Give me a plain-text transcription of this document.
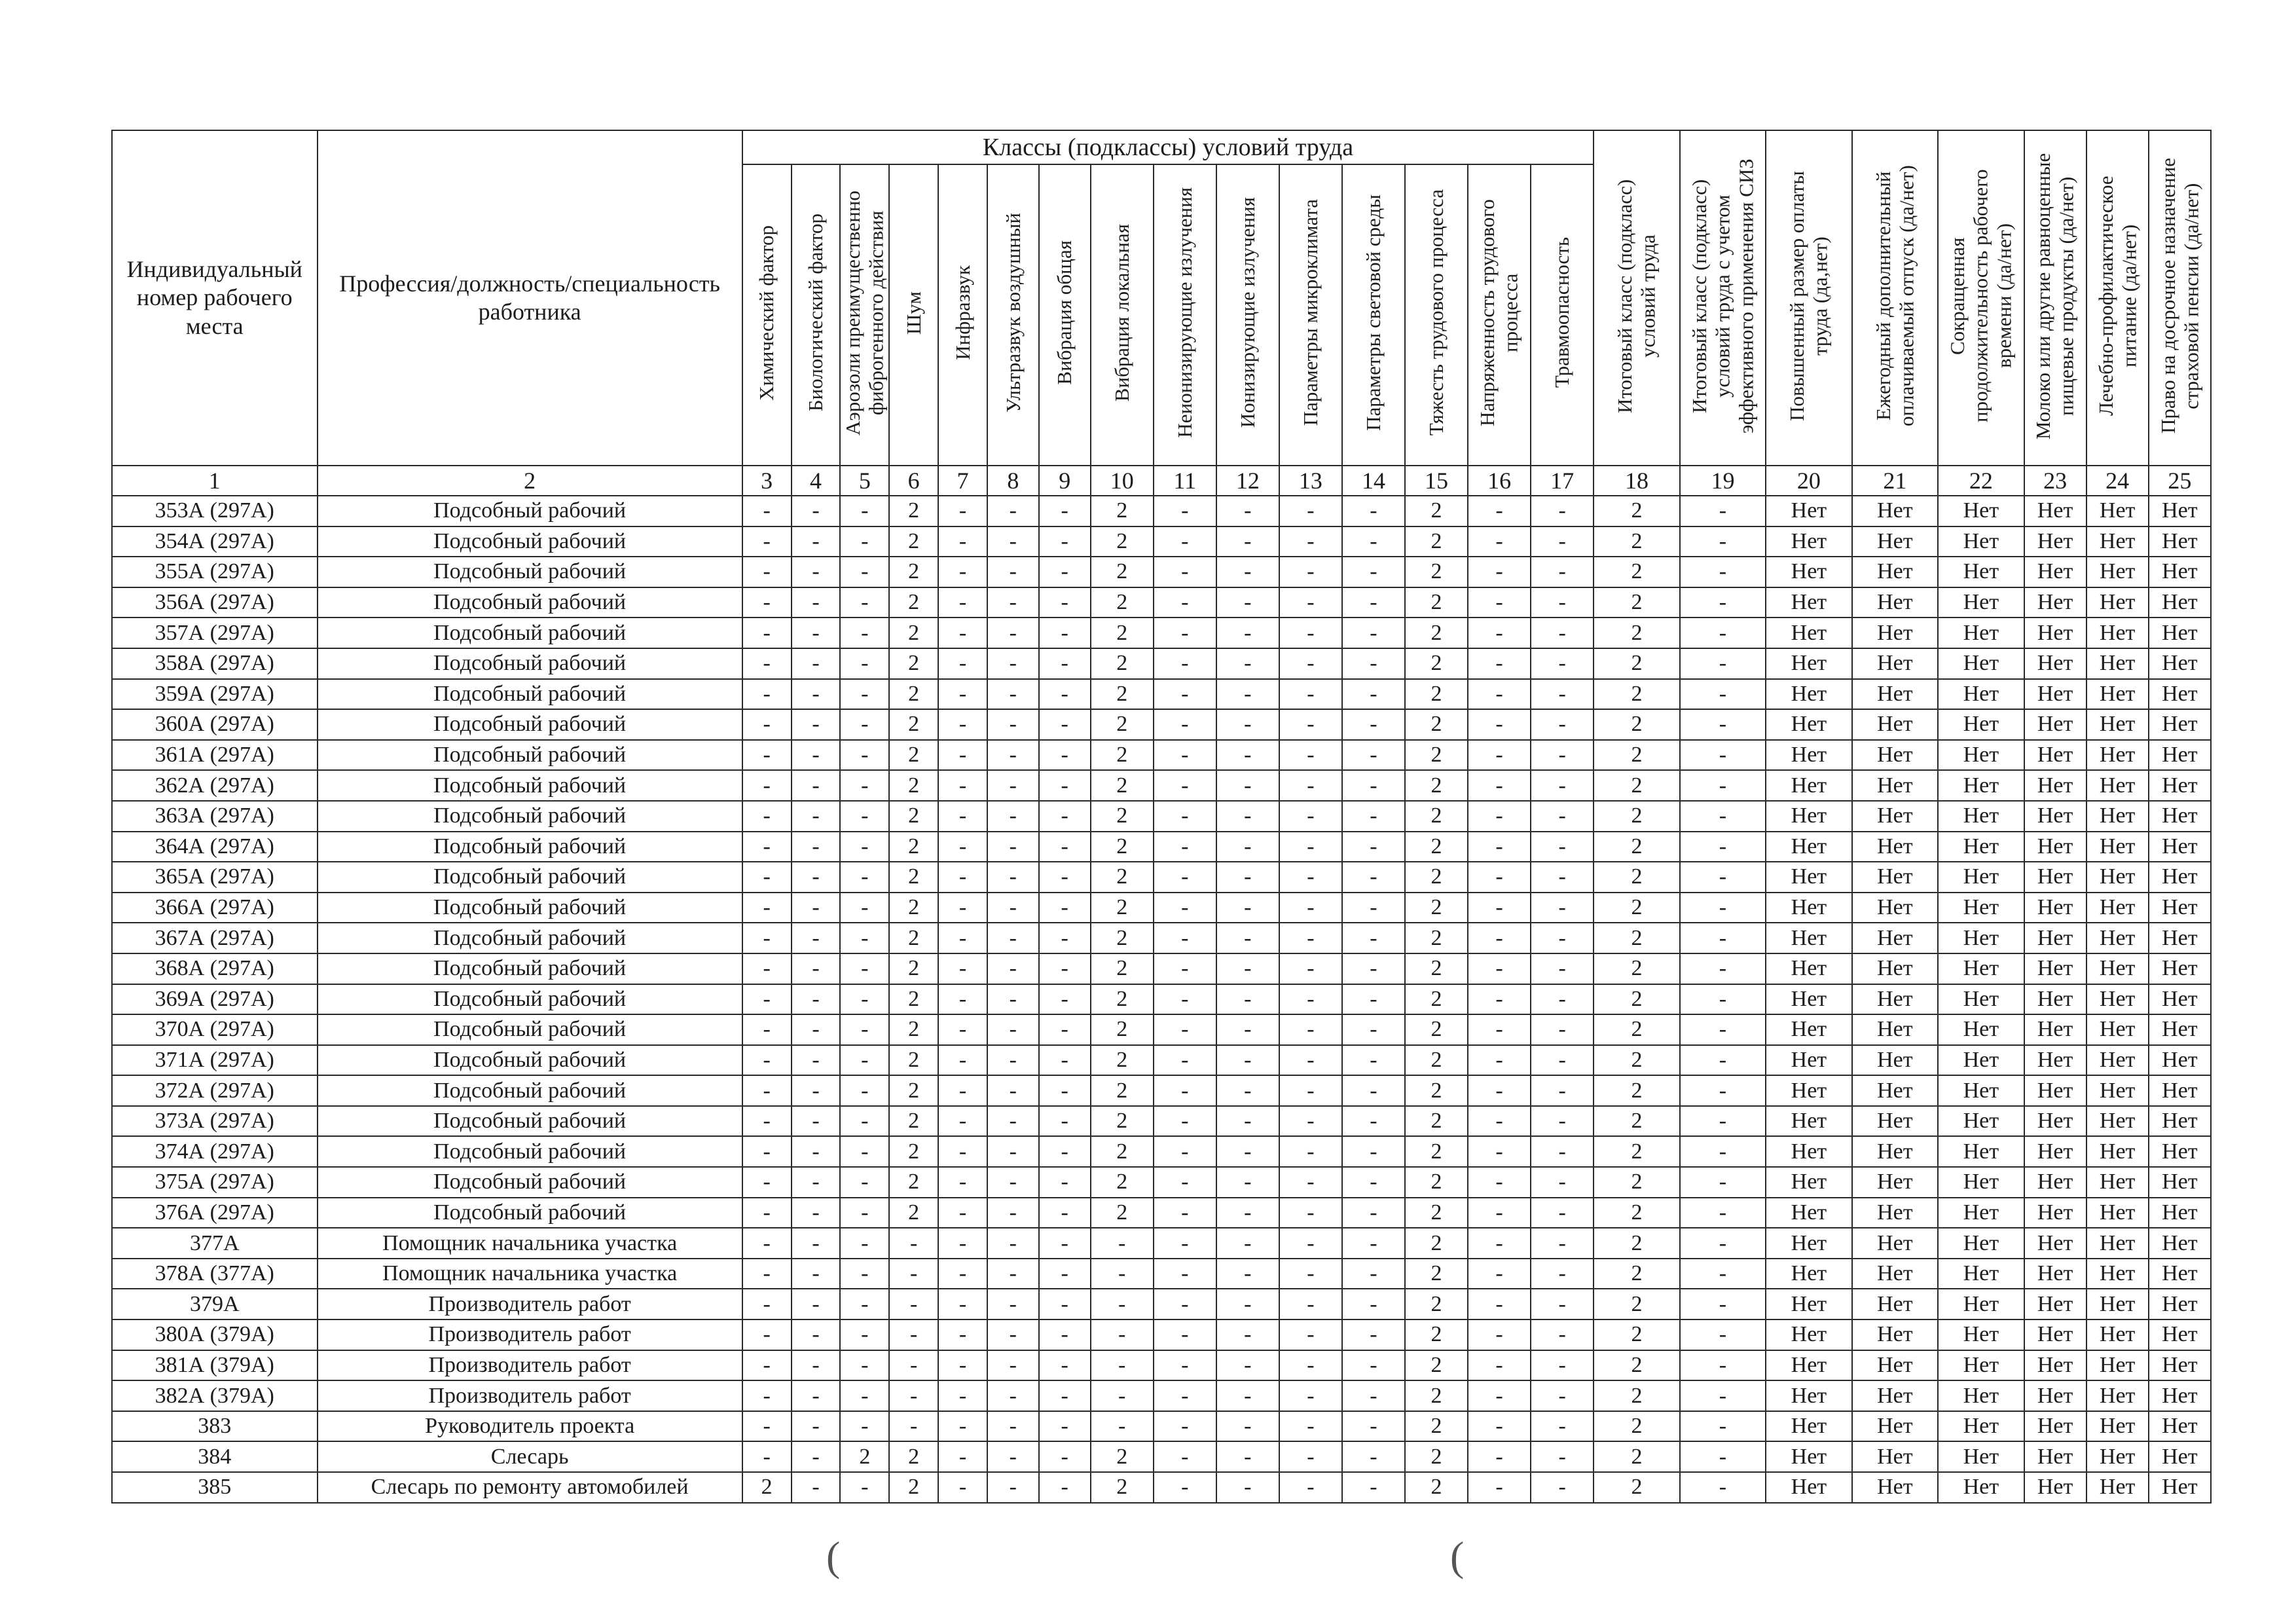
Индивидуальный номер рабочего места	Профессия/должность/специальность работника	Классы (подклассы) условий труда															Итоговый класс (подкласс) условий труда	Итоговый класс (подкласс) условий труда с учетом эффективного применения СИЗ	Повышенный размер оплаты труда (да,нет)	Ежегодный дополнительный оплачиваемый отпуск (да/нет)	Сокращенная продолжительность рабочего времени (да/нет)	Молоко или другие равноценные пищевые продукты (да/нет)	Лечебно-профилактическое питание (да/нет)	Право на досрочное назначение страховой пенсии (да/нет)
		Химический фактор	Биологический фактор	Аэрозоли преимущественно фиброгенного действия	Шум	Инфразвук	Ультразвук воздушный	Вибрация общая	Вибрация локальная	Неионизирующие излучения	Ионизирующие излучения	Параметры микроклимата	Параметры световой среды	Тяжесть трудового процесса	Напряженность трудового процесса	Травмоопасность								
1	2	3	4	5	6	7	8	9	10	11	12	13	14	15	16	17	18	19	20	21	22	23	24	25
353А (297А)	Подсобный рабочий	-	-	-	2	-	-	-	2	-	-	-	-	2	-	-	2	-	Нет	Нет	Нет	Нет	Нет	Нет
354А (297А)	Подсобный рабочий	-	-	-	2	-	-	-	2	-	-	-	-	2	-	-	2	-	Нет	Нет	Нет	Нет	Нет	Нет
355А (297А)	Подсобный рабочий	-	-	-	2	-	-	-	2	-	-	-	-	2	-	-	2	-	Нет	Нет	Нет	Нет	Нет	Нет
356А (297А)	Подсобный рабочий	-	-	-	2	-	-	-	2	-	-	-	-	2	-	-	2	-	Нет	Нет	Нет	Нет	Нет	Нет
357А (297А)	Подсобный рабочий	-	-	-	2	-	-	-	2	-	-	-	-	2	-	-	2	-	Нет	Нет	Нет	Нет	Нет	Нет
358А (297А)	Подсобный рабочий	-	-	-	2	-	-	-	2	-	-	-	-	2	-	-	2	-	Нет	Нет	Нет	Нет	Нет	Нет
359А (297А)	Подсобный рабочий	-	-	-	2	-	-	-	2	-	-	-	-	2	-	-	2	-	Нет	Нет	Нет	Нет	Нет	Нет
360А (297А)	Подсобный рабочий	-	-	-	2	-	-	-	2	-	-	-	-	2	-	-	2	-	Нет	Нет	Нет	Нет	Нет	Нет
361А (297А)	Подсобный рабочий	-	-	-	2	-	-	-	2	-	-	-	-	2	-	-	2	-	Нет	Нет	Нет	Нет	Нет	Нет
362А (297А)	Подсобный рабочий	-	-	-	2	-	-	-	2	-	-	-	-	2	-	-	2	-	Нет	Нет	Нет	Нет	Нет	Нет
363А (297А)	Подсобный рабочий	-	-	-	2	-	-	-	2	-	-	-	-	2	-	-	2	-	Нет	Нет	Нет	Нет	Нет	Нет
364А (297А)	Подсобный рабочий	-	-	-	2	-	-	-	2	-	-	-	-	2	-	-	2	-	Нет	Нет	Нет	Нет	Нет	Нет
365А (297А)	Подсобный рабочий	-	-	-	2	-	-	-	2	-	-	-	-	2	-	-	2	-	Нет	Нет	Нет	Нет	Нет	Нет
366А (297А)	Подсобный рабочий	-	-	-	2	-	-	-	2	-	-	-	-	2	-	-	2	-	Нет	Нет	Нет	Нет	Нет	Нет
367А (297А)	Подсобный рабочий	-	-	-	2	-	-	-	2	-	-	-	-	2	-	-	2	-	Нет	Нет	Нет	Нет	Нет	Нет
368А (297А)	Подсобный рабочий	-	-	-	2	-	-	-	2	-	-	-	-	2	-	-	2	-	Нет	Нет	Нет	Нет	Нет	Нет
369А (297А)	Подсобный рабочий	-	-	-	2	-	-	-	2	-	-	-	-	2	-	-	2	-	Нет	Нет	Нет	Нет	Нет	Нет
370А (297А)	Подсобный рабочий	-	-	-	2	-	-	-	2	-	-	-	-	2	-	-	2	-	Нет	Нет	Нет	Нет	Нет	Нет
371А (297А)	Подсобный рабочий	-	-	-	2	-	-	-	2	-	-	-	-	2	-	-	2	-	Нет	Нет	Нет	Нет	Нет	Нет
372А (297А)	Подсобный рабочий	-	-	-	2	-	-	-	2	-	-	-	-	2	-	-	2	-	Нет	Нет	Нет	Нет	Нет	Нет
373А (297А)	Подсобный рабочий	-	-	-	2	-	-	-	2	-	-	-	-	2	-	-	2	-	Нет	Нет	Нет	Нет	Нет	Нет
374А (297А)	Подсобный рабочий	-	-	-	2	-	-	-	2	-	-	-	-	2	-	-	2	-	Нет	Нет	Нет	Нет	Нет	Нет
375А (297А)	Подсобный рабочий	-	-	-	2	-	-	-	2	-	-	-	-	2	-	-	2	-	Нет	Нет	Нет	Нет	Нет	Нет
376А (297А)	Подсобный рабочий	-	-	-	2	-	-	-	2	-	-	-	-	2	-	-	2	-	Нет	Нет	Нет	Нет	Нет	Нет
377А	Помощник начальника участка	-	-	-	-	-	-	-	-	-	-	-	-	2	-	-	2	-	Нет	Нет	Нет	Нет	Нет	Нет
378А (377А)	Помощник начальника участка	-	-	-	-	-	-	-	-	-	-	-	-	2	-	-	2	-	Нет	Нет	Нет	Нет	Нет	Нет
379А	Производитель работ	-	-	-	-	-	-	-	-	-	-	-	-	2	-	-	2	-	Нет	Нет	Нет	Нет	Нет	Нет
380А (379А)	Производитель работ	-	-	-	-	-	-	-	-	-	-	-	-	2	-	-	2	-	Нет	Нет	Нет	Нет	Нет	Нет
381А (379А)	Производитель работ	-	-	-	-	-	-	-	-	-	-	-	-	2	-	-	2	-	Нет	Нет	Нет	Нет	Нет	Нет
382А (379А)	Производитель работ	-	-	-	-	-	-	-	-	-	-	-	-	2	-	-	2	-	Нет	Нет	Нет	Нет	Нет	Нет
383	Руководитель проекта	-	-	-	-	-	-	-	-	-	-	-	-	2	-	-	2	-	Нет	Нет	Нет	Нет	Нет	Нет
384	Слесарь	-	-	2	2	-	-	-	2	-	-	-	-	2	-	-	2	-	Нет	Нет	Нет	Нет	Нет	Нет
385	Слесарь по ремонту автомобилей	2	-	-	2	-	-	-	2	-	-	-	-	2	-	-	2	-	Нет	Нет	Нет	Нет	Нет	Нет
(	(
